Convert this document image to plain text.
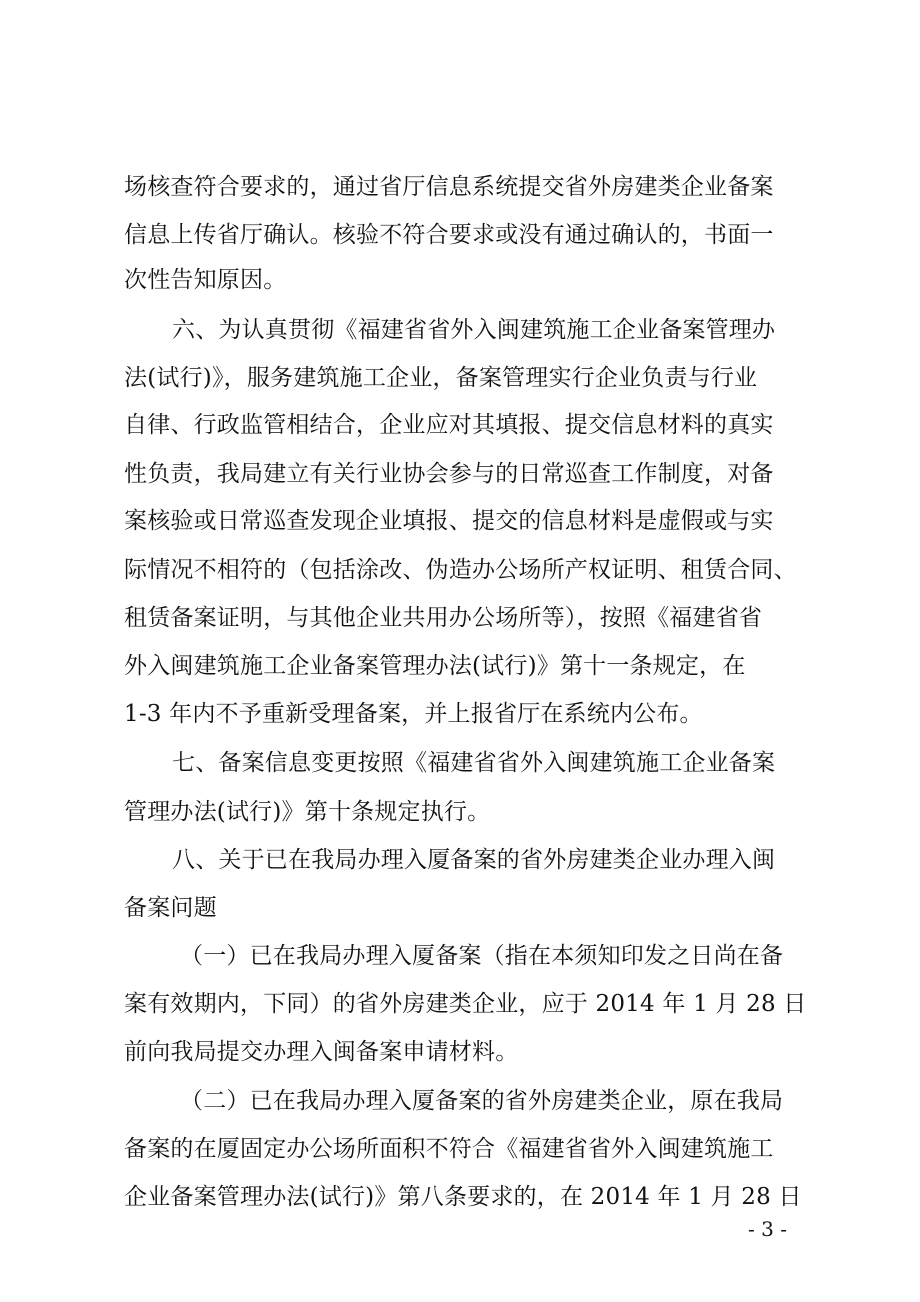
场核查符合要求的，通过省厅信息系统提交省外房建类企业备案
信息上传省厅确认。核验不符合要求或没有通过确认的，书面一
次性告知原因。
六、为认真贯彻《福建省省外入闽建筑施工企业备案管理办
法(试行)》，服务建筑施工企业，备案管理实行企业负责与行业
自律、行政监管相结合，企业应对其填报、提交信息材料的真实
性负责，我局建立有关行业协会参与的日常巡查工作制度，对备
案核验或日常巡查发现企业填报、提交的信息材料是虚假或与实
际情况不相符的（包括涂改、伪造办公场所产权证明、租赁合同、
租赁备案证明，与其他企业共用办公场所等），按照《福建省省
外入闽建筑施工企业备案管理办法(试行)》第十一条规定，在
1-3 年内不予重新受理备案，并上报省厅在系统内公布。
七、备案信息变更按照《福建省省外入闽建筑施工企业备案
管理办法(试行)》第十条规定执行。
八、关于已在我局办理入厦备案的省外房建类企业办理入闽
备案问题
（一）已在我局办理入厦备案（指在本须知印发之日尚在备
案有效期内，下同）的省外房建类企业，应于 2014 年 1 月 28 日
前向我局提交办理入闽备案申请材料。
（二）已在我局办理入厦备案的省外房建类企业，原在我局
备案的在厦固定办公场所面积不符合《福建省省外入闽建筑施工
企业备案管理办法(试行)》第八条要求的，在 2014 年 1 月 28 日
- 3 -
